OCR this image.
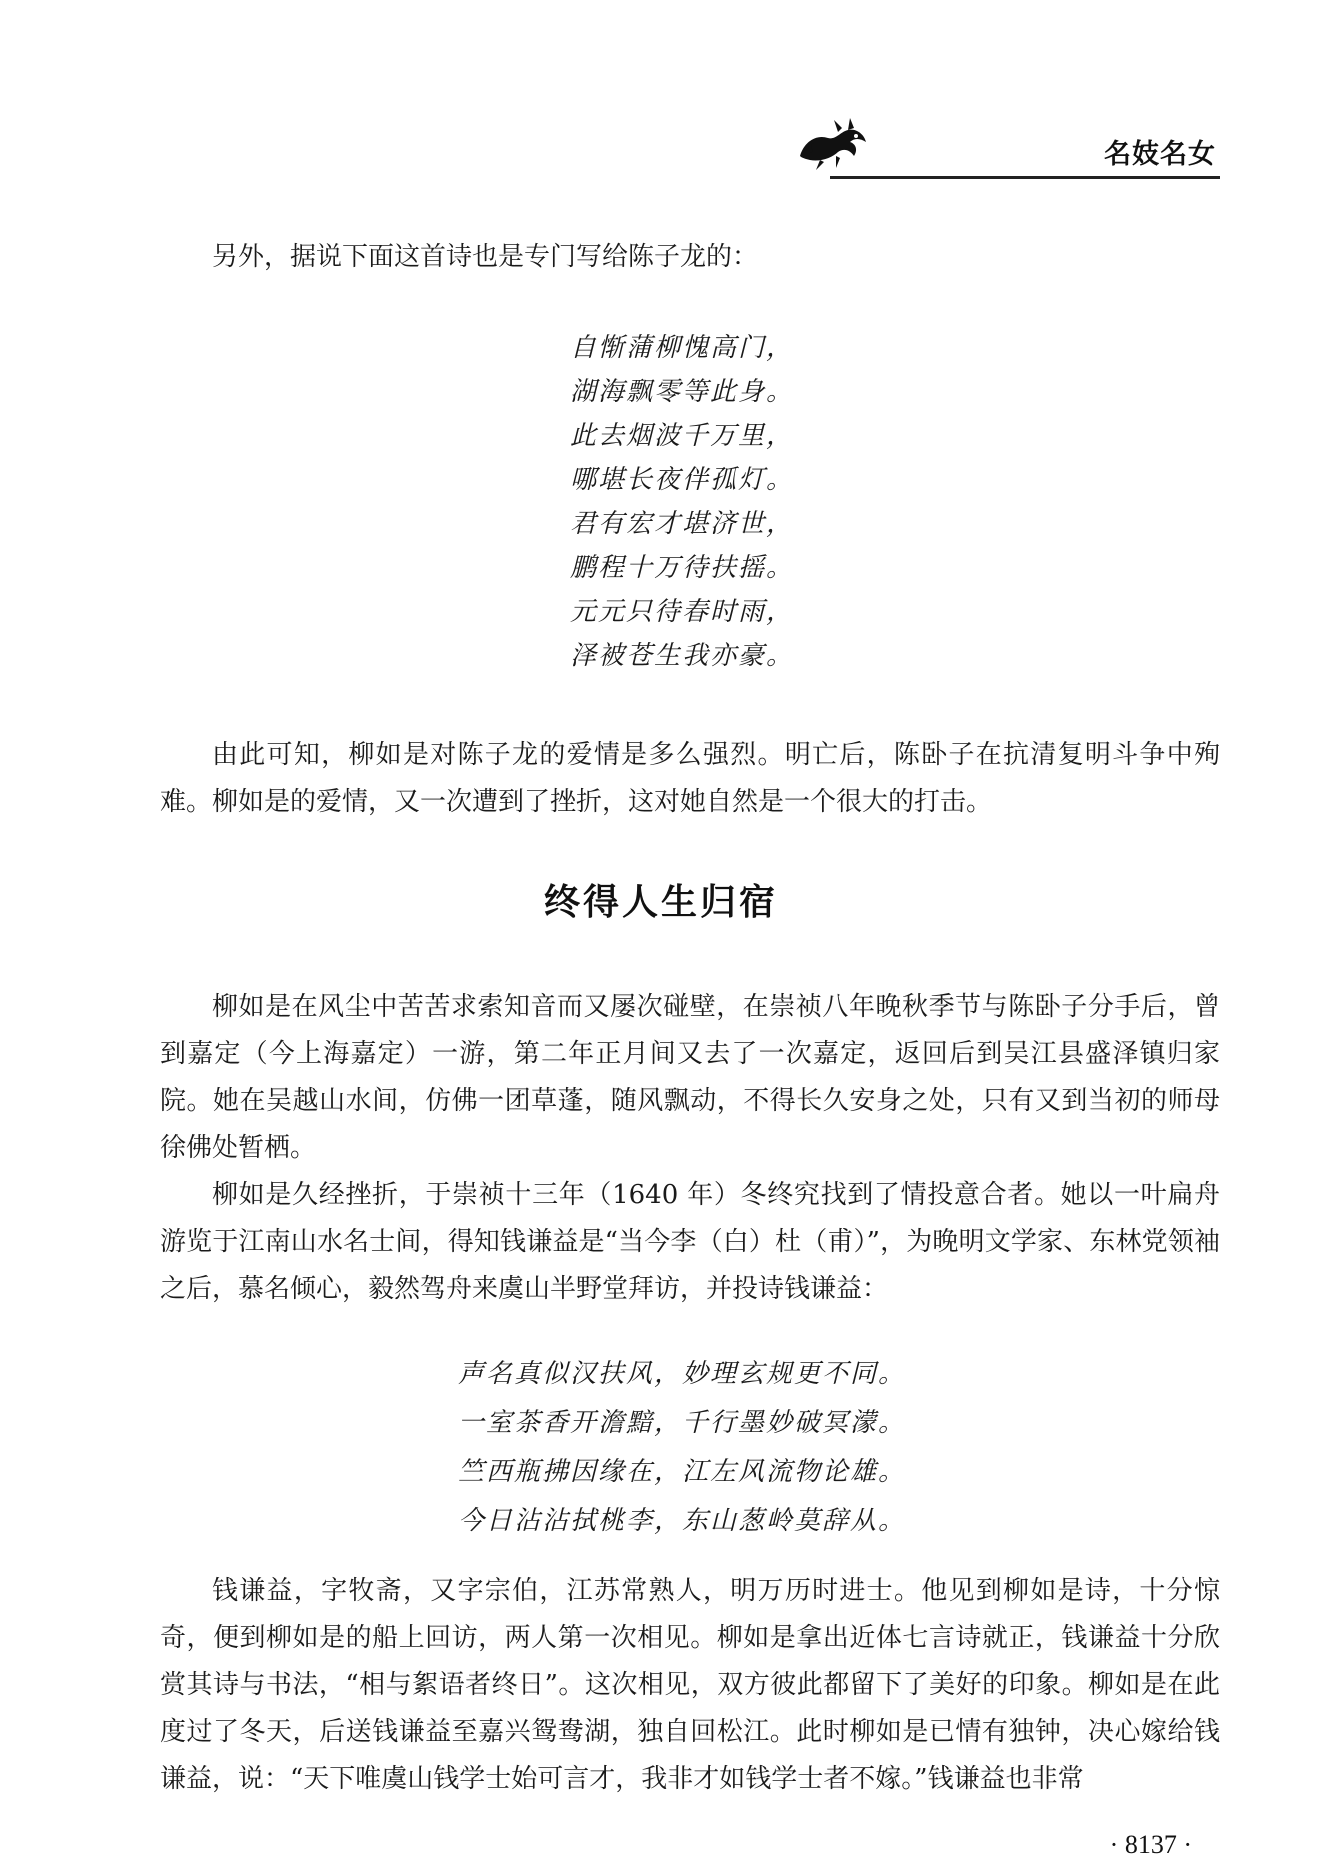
名妓名女

另外，据说下面这首诗也是专门写给陈子龙的：

自惭蒲柳愧高门，
湖海飘零等此身。
此去烟波千万里，
哪堪长夜伴孤灯。
君有宏才堪济世，
鹏程十万待扶摇。
元元只待春时雨，
泽被苍生我亦豪。

由此可知，柳如是对陈子龙的爱情是多么强烈。明亡后，陈卧子在抗清复明斗争中殉难。柳如是的爱情，又一次遭到了挫折，这对她自然是一个很大的打击。

终得人生归宿

柳如是在风尘中苦苦求索知音而又屡次碰壁，在崇祯八年晚秋季节与陈卧子分手后，曾到嘉定（今上海嘉定）一游，第二年正月间又去了一次嘉定，返回后到吴江县盛泽镇归家院。她在吴越山水间，仿佛一团草蓬，随风飘动，不得长久安身之处，只有又到当初的师母徐佛处暂栖。

柳如是久经挫折，于崇祯十三年（1640 年）冬终究找到了情投意合者。她以一叶扁舟游览于江南山水名士间，得知钱谦益是“当今李（白）杜（甫）”，为晚明文学家、东林党领袖之后，慕名倾心，毅然驾舟来虞山半野堂拜访，并投诗钱谦益：

声名真似汉扶风，妙理玄规更不同。
一室茶香开澹黯，千行墨妙破冥濛。
竺西瓶拂因缘在，江左风流物论雄。
今日沾沾拭桃李，东山葱岭莫辞从。

钱谦益，字牧斋，又字宗伯，江苏常熟人，明万历时进士。他见到柳如是诗，十分惊奇，便到柳如是的船上回访，两人第一次相见。柳如是拿出近体七言诗就正，钱谦益十分欣赏其诗与书法，“相与絮语者终日”。这次相见，双方彼此都留下了美好的印象。柳如是在此度过了冬天，后送钱谦益至嘉兴鸳鸯湖，独自回松江。此时柳如是已情有独钟，决心嫁给钱谦益，说：“天下唯虞山钱学士始可言才，我非才如钱学士者不嫁。”钱谦益也非常

· 8137 ·
